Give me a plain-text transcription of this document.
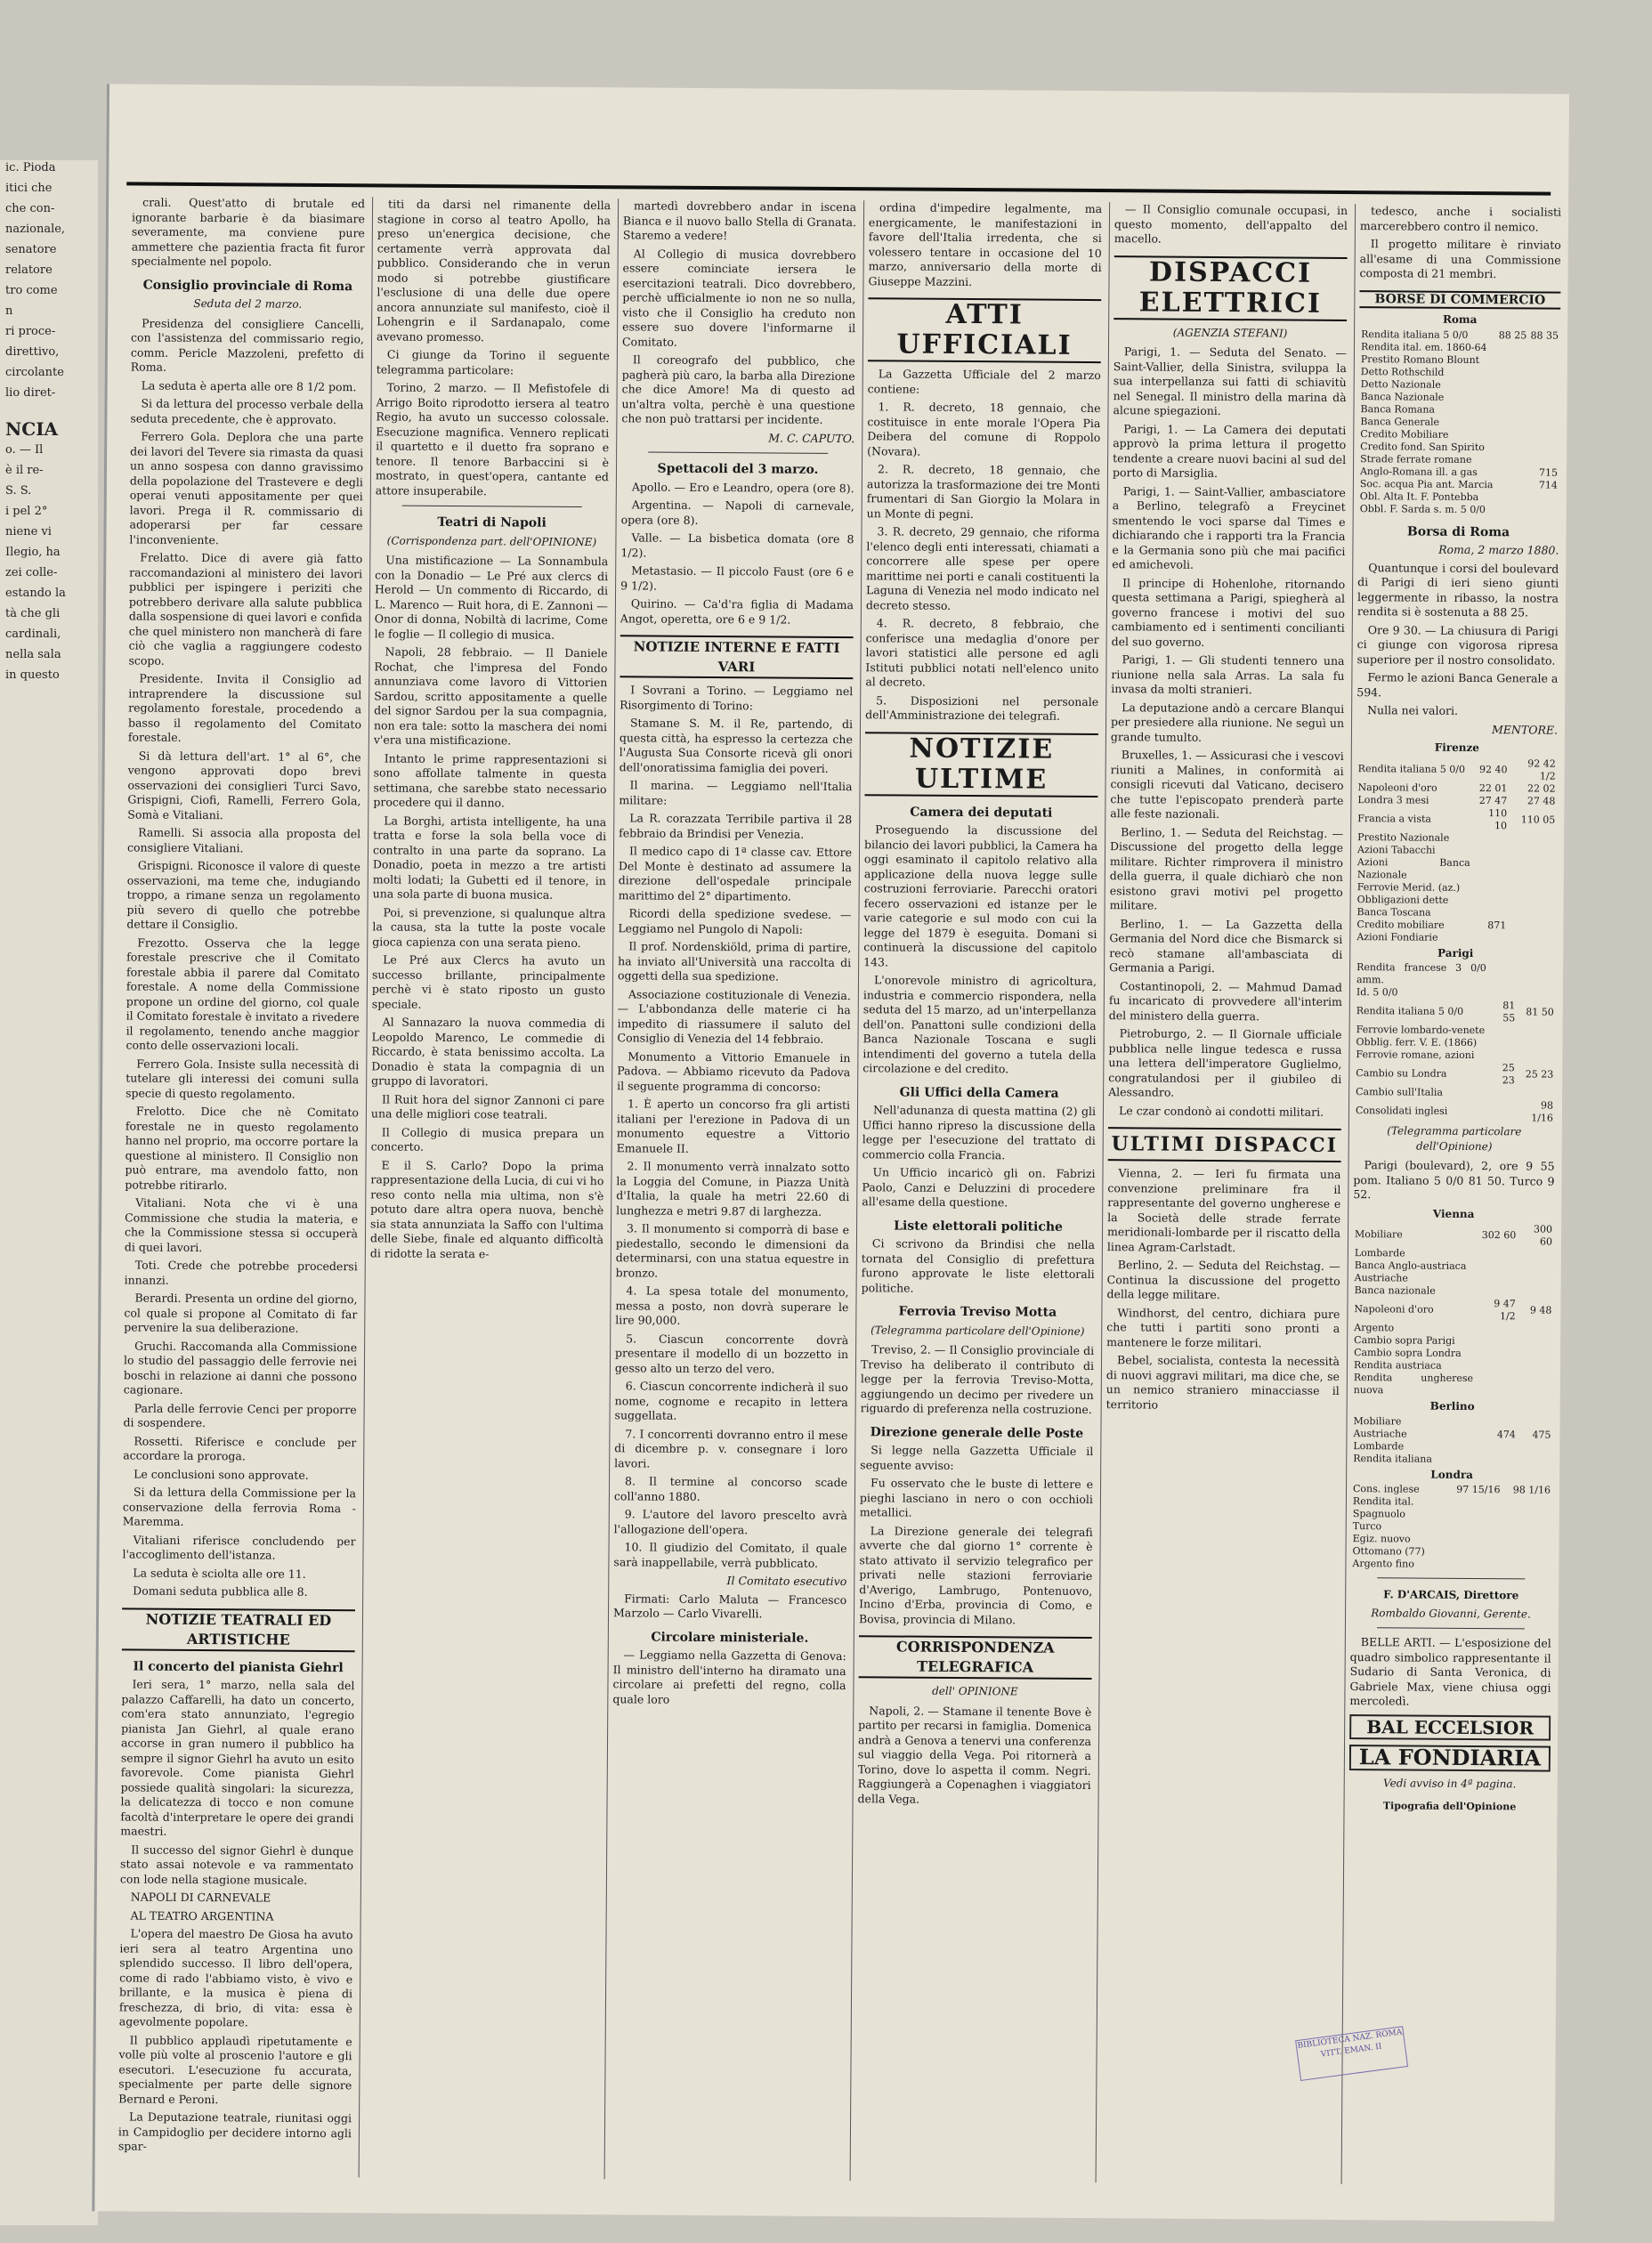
ic. Pioda

itici che

che con-

nazionale,

senatore

relatore

tro come

n

ri proce-

direttivo,

circolante

lio diret-

NCIA

o. — Il

è il re-

S. S.

i pel 2°

niene vi

Ilegio, ha

zei colle-

estando la

tà che gli

cardinali,

nella sala

in questo

crali. Quest'atto di brutale ed ignorante barbarie è da biasimare severamente, ma conviene pure ammettere che pazientia fracta fit furor specialmente nel popolo.

Consiglio provinciale di Roma
Seduta del 2 marzo.

Presidenza del consigliere Cancelli, con l'assistenza del commissario regio, comm. Pericle Mazzoleni, prefetto di Roma.

La seduta è aperta alle ore 8 1/2 pom.

Si da lettura del processo verbale della seduta precedente, che è approvato.

Ferrero Gola. Deplora che una parte dei lavori del Tevere sia rimasta da quasi un anno sospesa con danno gravissimo della popolazione del Trastevere e degli operai venuti appositamente per quei lavori. Prega il R. commissario di adoperarsi per far cessare l'inconveniente.

Frelatto. Dice di avere già fatto raccomandazioni al ministero dei lavori pubblici per ispingere i periziti che potrebbero derivare alla salute pubblica dalla sospensione di quei lavori e confida che quel ministero non mancherà di fare ciò che vaglia a raggiungere codesto scopo.

Presidente. Invita il Consiglio ad intraprendere la discussione sul regolamento forestale, procedendo a basso il regolamento del Comitato forestale.

Si dà lettura dell'art. 1° al 6°, che vengono approvati dopo brevi osservazioni dei consiglieri Turci Savo, Grispigni, Ciofi, Ramelli, Ferrero Gola, Somà e Vitaliani.

Ramelli. Si associa alla proposta del consigliere Vitaliani.

Grispigni. Riconosce il valore di queste osservazioni, ma teme che, indugiando troppo, a rimane senza un regolamento più severo di quello che potrebbe dettare il Consiglio.

Frezotto. Osserva che la legge forestale prescrive che il Comitato forestale abbia il parere dal Comitato forestale. A nome della Commissione propone un ordine del giorno, col quale il Comitato forestale è invitato a rivedere il regolamento, tenendo anche maggior conto delle osservazioni locali.

Ferrero Gola. Insiste sulla necessità di tutelare gli interessi dei comuni sulla specie di questo regolamento.

Frelotto. Dice che nè Comitato forestale ne in questo regolamento hanno nel proprio, ma occorre portare la questione al ministero. Il Consiglio non può entrare, ma avendolo fatto, non potrebbe ritirarlo.

Vitaliani. Nota che vi è una Commissione che studia la materia, e che la Commissione stessa si occuperà di quei lavori.

Toti. Crede che potrebbe procedersi innanzi.

Berardi. Presenta un ordine del giorno, col quale si propone al Comitato di far pervenire la sua deliberazione.

Gruchi. Raccomanda alla Commissione lo studio del passaggio delle ferrovie nei boschi in relazione ai danni che possono cagionare.

Parla delle ferrovie Cenci per proporre di sospendere.

Rossetti. Riferisce e conclude per accordare la proroga.

Le conclusioni sono approvate.

Si da lettura della Commissione per la conservazione della ferrovia Roma - Maremma.

Vitaliani riferisce concludendo per l'accoglimento dell'istanza.

La seduta è sciolta alle ore 11.

Domani seduta pubblica alle 8.

NOTIZIE TEATRALI ED ARTISTICHE
Il concerto del pianista Giehrl

Ieri sera, 1° marzo, nella sala del palazzo Caffarelli, ha dato un concerto, com'era stato annunziato, l'egregio pianista Jan Giehrl, al quale erano accorse in gran numero il pubblico ha sempre il signor Giehrl ha avuto un esito favorevole. Come pianista Giehrl possiede qualità singolari: la sicurezza, la delicatezza di tocco e non comune facoltà d'interpretare le opere dei grandi maestri.

Il successo del signor Giehrl è dunque stato assai notevole e va rammentato con lode nella stagione musicale.

NAPOLI DI CARNEVALE

AL TEATRO ARGENTINA

L'opera del maestro De Giosa ha avuto ieri sera al teatro Argentina uno splendido successo. Il libro dell'opera, come di rado l'abbiamo visto, è vivo e brillante, e la musica è piena di freschezza, di brio, di vita: essa è agevolmente popolare.

Il pubblico applaudì ripetutamente e volle più volte al proscenio l'autore e gli esecutori. L'esecuzione fu accurata, specialmente per parte delle signore Bernard e Peroni.

La Deputazione teatrale, riunitasi oggi in Campidoglio per decidere intorno agli spar-

titi da darsi nel rimanente della stagione in corso al teatro Apollo, ha preso un'energica decisione, che certamente verrà approvata dal pubblico. Considerando che in verun modo si potrebbe giustificare l'esclusione di una delle due opere ancora annunziate sul manifesto, cioè il Lohengrin e il Sardanapalo, come avevano promesso.

Ci giunge da Torino il seguente telegramma particolare:

Torino, 2 marzo. — Il Mefistofele di Arrigo Boito riprodotto iersera al teatro Regio, ha avuto un successo colossale. Esecuzione magnifica. Vennero replicati il quartetto e il duetto fra soprano e tenore. Il tenore Barbaccini si è mostrato, in quest'opera, cantante ed attore insuperabile.

Teatri di Napoli
(Corrispondenza part. dell'OPINIONE)

Una mistificazione — La Sonnambula con la Donadio — Le Pré aux clercs di Herold — Un commento di Riccardo, di L. Marenco — Ruit hora, di E. Zannoni — Onor di donna, Nobiltà di lacrime, Come le foglie — Il collegio di musica.

Napoli, 28 febbraio. — Il Daniele Rochat, che l'impresa del Fondo annunziava come lavoro di Vittorien Sardou, scritto appositamente a quelle del signor Sardou per la sua compagnia, non era tale: sotto la maschera dei nomi v'era una mistificazione.

Intanto le prime rappresentazioni si sono affollate talmente in questa settimana, che sarebbe stato necessario procedere qui il danno.

La Borghi, artista intelligente, ha una tratta e forse la sola bella voce di contralto in una parte da soprano. La Donadio, poeta in mezzo a tre artisti molti lodati; la Gubetti ed il tenore, in una sola parte di buona musica.

Poi, si prevenzione, si qualunque altra la causa, sta la tutte la poste vocale gioca capienza con una serata pieno.

Le Pré aux Clercs ha avuto un successo brillante, principalmente perchè vi è stato riposto un gusto speciale.

Al Sannazaro la nuova commedia di Leopoldo Marenco, Le commedie di Riccardo, è stata benissimo accolta. La Donadio è stata la compagnia di un gruppo di lavoratori.

Il Ruit hora del signor Zannoni ci pare una delle migliori cose teatrali.

Il Collegio di musica prepara un concerto.

E il S. Carlo? Dopo la prima rappresentazione della Lucia, di cui vi ho reso conto nella mia ultima, non s'è potuto dare altra opera nuova, benchè sia stata annunziata la Saffo con l'ultima delle Siebe, finale ed alquanto difficoltà di ridotte la serata e-

martedì dovrebbero andar in iscena Bianca e il nuovo ballo Stella di Granata. Staremo a vedere!

Al Collegio di musica dovrebbero essere cominciate iersera le esercitazioni teatrali. Dico dovrebbero, perchè ufficialmente io non ne so nulla, visto che il Consiglio ha creduto non essere suo dovere l'informarne il Comitato.

Il coreografo del pubblico, che pagherà più caro, la barba alla Direzione che dice Amore! Ma di questo ad un'altra volta, perchè è una questione che non può trattarsi per incidente.

M. C. CAPUTO.

Spettacoli del 3 marzo.

Apollo. — Ero e Leandro, opera (ore 8).

Argentina. — Napoli di carnevale, opera (ore 8).

Valle. — La bisbetica domata (ore 8 1/2).

Metastasio. — Il piccolo Faust (ore 6 e 9 1/2).

Quirino. — Ca'd'ra figlia di Madama Angot, operetta, ore 6 e 9 1/2.

NOTIZIE INTERNE E FATTI VARI

I Sovrani a Torino. — Leggiamo nel Risorgimento di Torino:

Stamane S. M. il Re, partendo, di questa città, ha espresso la certezza che l'Augusta Sua Consorte ricevà gli onori dell'onoratissima famiglia dei poveri.

Il marina. — Leggiamo nell'Italia militare:

La R. corazzata Terribile partiva il 28 febbraio da Brindisi per Venezia.

Il medico capo di 1ª classe cav. Ettore Del Monte è destinato ad assumere la direzione dell'ospedale principale marittimo del 2° dipartimento.

Ricordi della spedizione svedese. — Leggiamo nel Pungolo di Napoli:

Il prof. Nordenskiöld, prima di partire, ha inviato all'Università una raccolta di oggetti della sua spedizione.

Associazione costituzionale di Venezia. — L'abbondanza delle materie ci ha impedito di riassumere il saluto del Consiglio di Venezia del 14 febbraio.

Monumento a Vittorio Emanuele in Padova. — Abbiamo ricevuto da Padova il seguente programma di concorso:

1. È aperto un concorso fra gli artisti italiani per l'erezione in Padova di un monumento equestre a Vittorio Emanuele II.

2. Il monumento verrà innalzato sotto la Loggia del Comune, in Piazza Unità d'Italia, la quale ha metri 22.60 di lunghezza e metri 9.87 di larghezza.

3. Il monumento si comporrà di base e piedestallo, secondo le dimensioni da determinarsi, con una statua equestre in bronzo.

4. La spesa totale del monumento, messa a posto, non dovrà superare le lire 90,000.

5. Ciascun concorrente dovrà presentare il modello di un bozzetto in gesso alto un terzo del vero.

6. Ciascun concorrente indicherà il suo nome, cognome e recapito in lettera suggellata.

7. I concorrenti dovranno entro il mese di dicembre p. v. consegnare i loro lavori.

8. Il termine al concorso scade coll'anno 1880.

9. L'autore del lavoro prescelto avrà l'allogazione dell'opera.

10. Il giudizio del Comitato, il quale sarà inappellabile, verrà pubblicato.

Il Comitato esecutivo

Firmati: Carlo Maluta — Francesco Marzolo — Carlo Vivarelli.

Circolare ministeriale.

— Leggiamo nella Gazzetta di Genova: Il ministro dell'interno ha diramato una circolare ai prefetti del regno, colla quale loro

ordina d'impedire legalmente, ma energicamente, le manifestazioni in favore dell'Italia irredenta, che si volessero tentare in occasione del 10 marzo, anniversario della morte di Giuseppe Mazzini.

ATTI UFFICIALI

La Gazzetta Ufficiale del 2 marzo contiene:

1. R. decreto, 18 gennaio, che costituisce in ente morale l'Opera Pia Deibera del comune di Roppolo (Novara).

2. R. decreto, 18 gennaio, che autorizza la trasformazione dei tre Monti frumentari di San Giorgio la Molara in un Monte di pegni.

3. R. decreto, 29 gennaio, che riforma l'elenco degli enti interessati, chiamati a concorrere alle spese per opere marittime nei porti e canali costituenti la Laguna di Venezia nel modo indicato nel decreto stesso.

4. R. decreto, 8 febbraio, che conferisce una medaglia d'onore per lavori statistici alle persone ed agli Istituti pubblici notati nell'elenco unito al decreto.

5. Disposizioni nel personale dell'Amministrazione dei telegrafi.

NOTIZIE ULTIME
Camera dei deputati

Proseguendo la discussione del bilancio dei lavori pubblici, la Camera ha oggi esaminato il capitolo relativo alla applicazione della nuova legge sulle costruzioni ferroviarie. Parecchi oratori fecero osservazioni ed istanze per le varie categorie e sul modo con cui la legge del 1879 è eseguita. Domani si continuerà la discussione del capitolo 143.

L'onorevole ministro di agricoltura, industria e commercio rispondera, nella seduta del 15 marzo, ad un'interpellanza dell'on. Panattoni sulle condizioni della Banca Nazionale Toscana e sugli intendimenti del governo a tutela della circolazione e del credito.

Gli Uffici della Camera

Nell'adunanza di questa mattina (2) gli Uffici hanno ripreso la discussione della legge per l'esecuzione del trattato di commercio colla Francia.

Un Ufficio incaricò gli on. Fabrizi Paolo, Canzi e Deluzzini di procedere all'esame della questione.

Liste elettorali politiche

Ci scrivono da Brindisi che nella tornata del Consiglio di prefettura furono approvate le liste elettorali politiche.

Ferrovia Treviso Motta
(Telegramma particolare dell'Opinione)

Treviso, 2. — Il Consiglio provinciale di Treviso ha deliberato il contributo di legge per la ferrovia Treviso-Motta, aggiungendo un decimo per rivedere un riguardo di preferenza nella costruzione.

Direzione generale delle Poste

Si legge nella Gazzetta Ufficiale il seguente avviso:

Fu osservato che le buste di lettere e pieghi lasciano in nero o con occhioli metallici.

La Direzione generale dei telegrafi avverte che dal giorno 1° corrente è stato attivato il servizio telegrafico per privati nelle stazioni ferroviarie d'Averigo, Lambrugo, Pontenuovo, Incino d'Erba, provincia di Como, e Bovisa, provincia di Milano.

CORRISPONDENZA TELEGRAFICA
dell' OPINIONE

Napoli, 2. — Stamane il tenente Bove è partito per recarsi in famiglia. Domenica andrà a Genova a tenervi una conferenza sul viaggio della Vega. Poi ritornerà a Torino, dove lo aspetta il comm. Negri. Raggiungerà a Copenaghen i viaggiatori della Vega.

— Il Consiglio comunale occupasi, in questo momento, dell'appalto del macello.

DISPACCI ELETTRICI
(AGENZIA STEFANI)

Parigi, 1. — Seduta del Senato. — Saint-Vallier, della Sinistra, sviluppa la sua interpellanza sui fatti di schiavitù nel Senegal. Il ministro della marina dà alcune spiegazioni.

Parigi, 1. — La Camera dei deputati approvò la prima lettura il progetto tendente a creare nuovi bacini al sud del porto di Marsiglia.

Parigi, 1. — Saint-Vallier, ambasciatore a Berlino, telegrafò a Freycinet smentendo le voci sparse dal Times e dichiarando che i rapporti tra la Francia e la Germania sono più che mai pacifici ed amichevoli.

Il principe di Hohenlohe, ritornando questa settimana a Parigi, spiegherà al governo francese i motivi del suo cambiamento ed i sentimenti concilianti del suo governo.

Parigi, 1. — Gli studenti tennero una riunione nella sala Arras. La sala fu invasa da molti stranieri.

La deputazione andò a cercare Blanqui per presiedere alla riunione. Ne seguì un grande tumulto.

Bruxelles, 1. — Assicurasi che i vescovi riuniti a Malines, in conformità ai consigli ricevuti dal Vaticano, decisero che tutte l'episcopato prenderà parte alle feste nazionali.

Berlino, 1. — Seduta del Reichstag. — Discussione del progetto della legge militare. Richter rimprovera il ministro della guerra, il quale dichiarò che non esistono gravi motivi pel progetto militare.

Berlino, 1. — La Gazzetta della Germania del Nord dice che Bismarck si recò stamane all'ambasciata di Germania a Parigi.

Costantinopoli, 2. — Mahmud Damad fu incaricato di provvedere all'interim del ministero della guerra.

Pietroburgo, 2. — Il Giornale ufficiale pubblica nelle lingue tedesca e russa una lettera dell'imperatore Guglielmo, congratulandosi per il giubileo di Alessandro.

Le czar condonò ai condotti militari.

ULTIMI DISPACCI

Vienna, 2. — Ieri fu firmata una convenzione preliminare fra il rappresentante del governo ungherese e la Società delle strade ferrate meridionali-lombarde per il riscatto della linea Agram-Carlstadt.

Berlino, 2. — Seduta del Reichstag. — Continua la discussione del progetto della legge militare.

Windhorst, del centro, dichiara pure che tutti i partiti sono pronti a mantenere le forze militari.

Bebel, socialista, contesta la necessità di nuovi aggravi militari, ma dice che, se un nemico straniero minacciasse il territorio

tedesco, anche i socialisti marcerebbero contro il nemico.

Il progetto militare è rinviato all'esame di una Commissione composta di 21 membri.

BORSE DI COMMERCIO
Roma
Rendita italiana 5 0/0	88 25	88 35
Rendita ital. em. 1860-64		
Prestito Romano Blount		
Detto Rothschild		
Detto Nazionale		
Banca Nazionale		
Banca Romana		
Banca Generale		
Credito Mobiliare		
Credito fond. San Spirito		
Strade ferrate romane		
Anglo-Romana ill. a gas		715
Soc. acqua Pia ant. Marcia		714
Obl. Alta It. F. Pontebba		
Obbl. F. Sarda s. m. 5 0/0		
Borsa di Roma

Roma, 2 marzo 1880.

Quantunque i corsi del boulevard di Parigi di ieri sieno giunti leggermente in ribasso, la nostra rendita si è sostenuta a 88 25.

Ore 9 30. — La chiusura di Parigi ci giunge con vigorosa ripresa superiore per il nostro consolidato.

Fermo le azioni Banca Generale a 594.

Nulla nei valori.

MENTORE.

Firenze
Rendita italiana 5 0/0	92 40	92 42 1/2
Napoleoni d'oro	22 01	22 02
Londra 3 mesi	27 47	27 48
Francia a vista	110 10	110 05
Prestito Nazionale		
Azioni Tabacchi		
Azioni Banca Nazionale		
Ferrovie Merid. (az.)		
Obbligazioni dette		
Banca Toscana		
Credito mobiliare	871	
Azioni Fondiarie		
Parigi
Rendita francese 3 0/0 amm.		
Id. 5 0/0		
Rendita italiana 5 0/0	81 55	81 50
Ferrovie lombardo-venete		
Obblig. ferr. V. E. (1866)		
Ferrovie romane, azioni		
Cambio su Londra	25 23	25 23
Cambio sull'Italia		
Consolidati inglesi		98 1/16
(Telegramma particolare dell'Opinione)

Parigi (boulevard), 2, ore 9 55 pom. Italiano 5 0/0 81 50. Turco 9 52.

Vienna
Mobiliare	302 60	300 60
Lombarde		
Banca Anglo-austriaca		
Austriache		
Banca nazionale		
Napoleoni d'oro	9 47 1/2	9 48
Argento		
Cambio sopra Parigi		
Cambio sopra Londra		
Rendita austriaca		
Rendita ungherese nuova		
Berlino
Mobiliare		
Austriache	474	475
Lombarde		
Rendita italiana		
Londra
Cons. inglese	97 15/16	98 1/16
Rendita ital.		
Spagnuolo		
Turco		
Egiz. nuovo		
Ottomano (77)		
Argento fino		

F. D'ARCAIS, Direttore

Rombaldo Giovanni, Gerente.

BELLE ARTI. — L'esposizione del quadro simbolico rappresentante il Sudario di Santa Veronica, di Gabriele Max, viene chiusa oggi mercoledì.

BAL ECCELSIOR
LA FONDIARIA

Vedi avviso in 4ª pagina.

Tipografia dell'Opinione

BIBLIOTECA NAZ. ROMA VITT. EMAN. II
